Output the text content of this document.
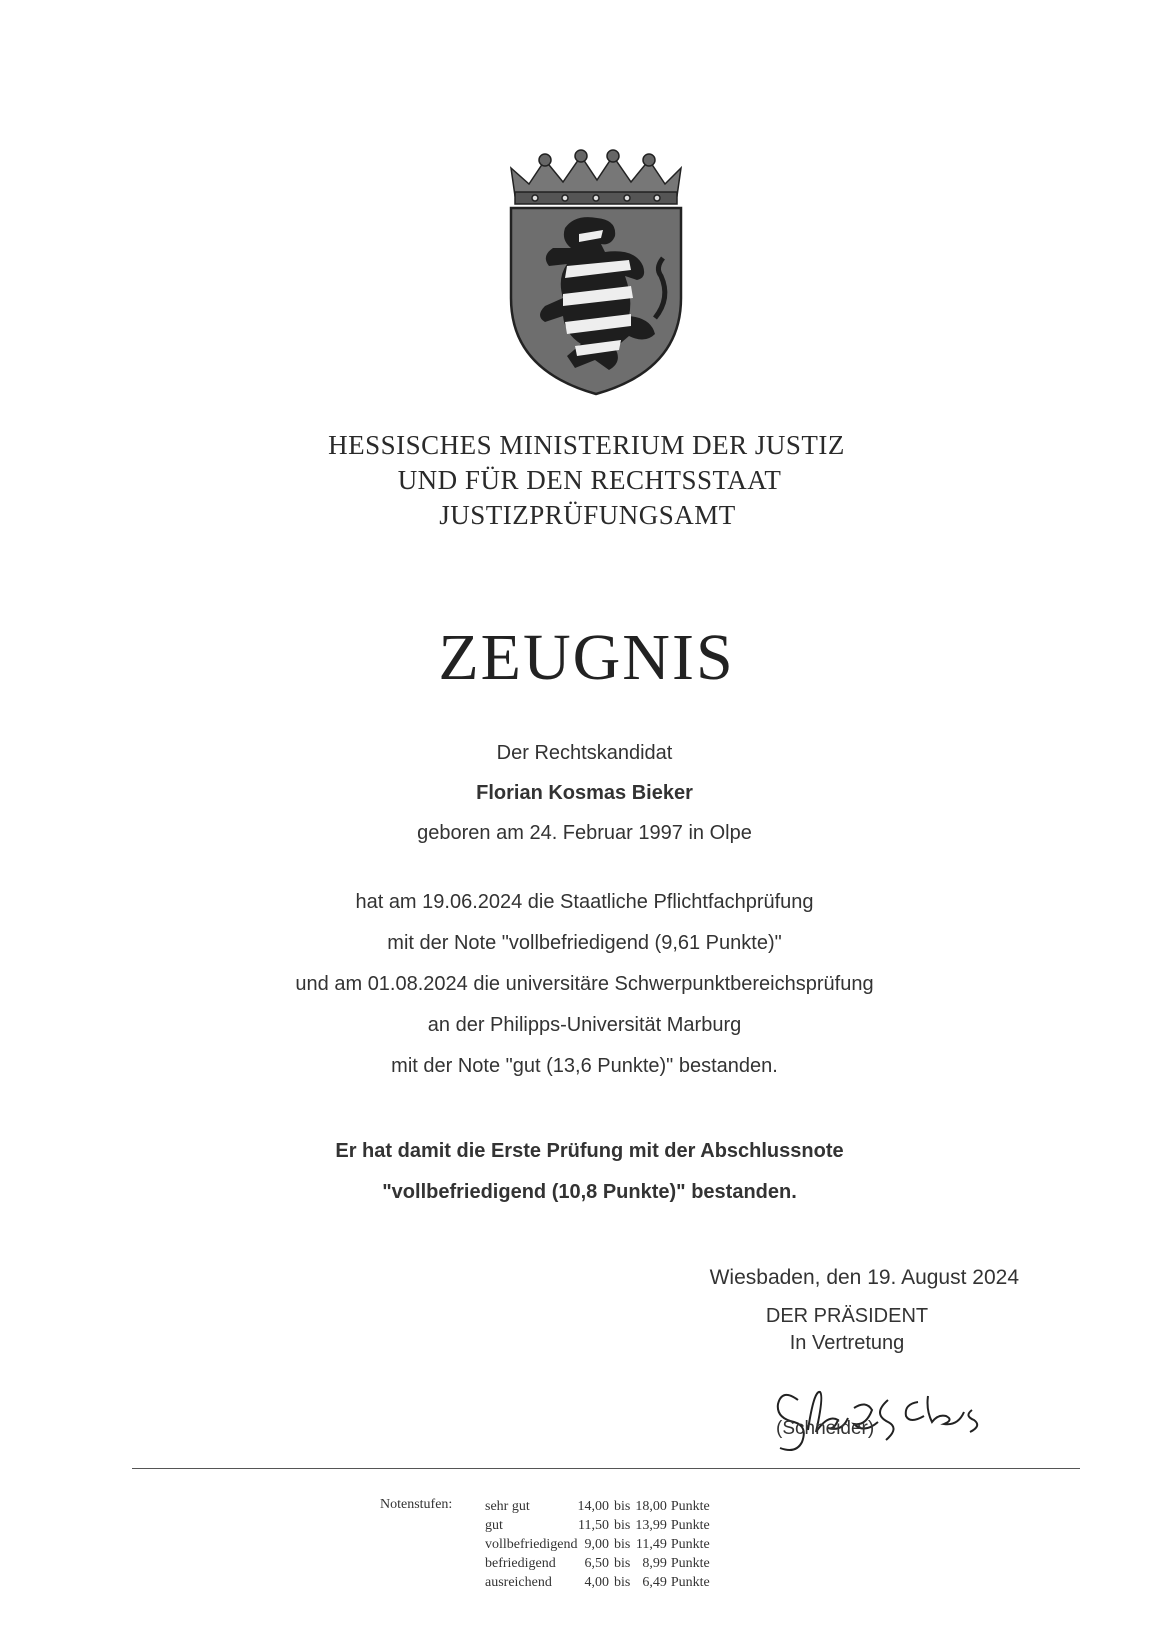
HESSISCHES MINISTERIUM DER JUSTIZ
UND FÜR DEN RECHTSSTAAT
JUSTIZPRÜFUNGSAMT
ZEUGNIS
Der Rechtskandidat
Florian Kosmas Bieker
geboren am 24. Februar 1997 in Olpe
hat am 19.06.2024 die Staatliche Pflichtfachprüfung
mit der Note "vollbefriedigend (9,61 Punkte)"
und am 01.08.2024 die universitäre Schwerpunktbereichsprüfung
an der Philipps-Universität Marburg
mit der Note "gut (13,6 Punkte)" bestanden.
Er hat damit die Erste Prüfung mit der Abschlussnote
"vollbefriedigend (10,8 Punkte)" bestanden.
Wiesbaden, den 19. August 2024
DER PRÄSIDENT
In Vertretung
(Schneider)
Notenstufen: sehr gut	14,00	bis	18,00	Punkte
gut	11,50	bis	13,99	Punkte
vollbefriedigend	9,00	bis	11,49	Punkte
befriedigend	6,50	bis	8,99	Punkte
ausreichend	4,00	bis	6,49	Punkte
